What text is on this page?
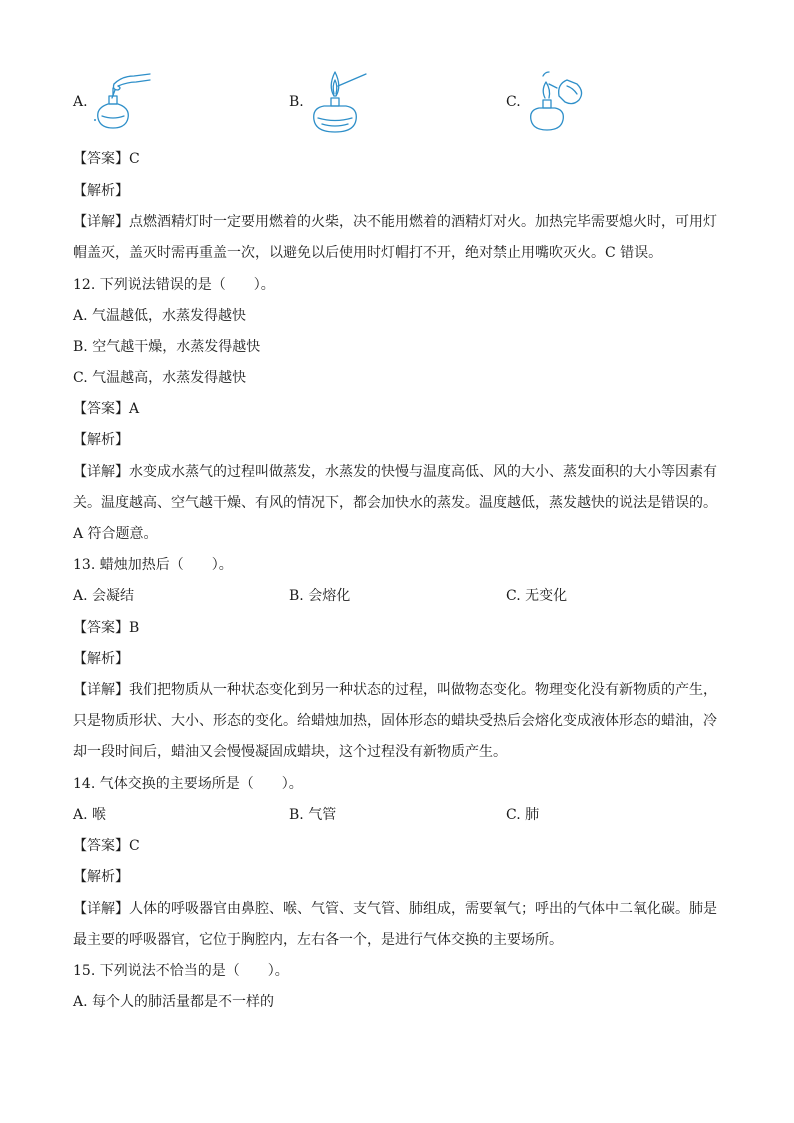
A.	B.	C.
【答案】C
【解析】
【详解】点燃酒精灯时一定要用燃着的火柴，决不能用燃着的酒精灯对火。加热完毕需要熄火时，可用灯
帽盖灭，盖灭时需再重盖一次，以避免以后使用时灯帽打不开，绝对禁止用嘴吹灭火。C 错误。
12. 下列说法错误的是（　　）。
A. 气温越低，水蒸发得越快
B. 空气越干燥，水蒸发得越快
C. 气温越高，水蒸发得越快
【答案】A
【解析】
【详解】水变成水蒸气的过程叫做蒸发，水蒸发的快慢与温度高低、风的大小、蒸发面积的大小等因素有
关。温度越高、空气越干燥、有风的情况下，都会加快水的蒸发。温度越低，蒸发越快的说法是错误的。
A 符合题意。
13. 蜡烛加热后（　　）。
A. 会凝结	B. 会熔化	C. 无变化
【答案】B
【解析】
【详解】我们把物质从一种状态变化到另一种状态的过程，叫做物态变化。物理变化没有新物质的产生，
只是物质形状、大小、形态的变化。给蜡烛加热，固体形态的蜡块受热后会熔化变成液体形态的蜡油，冷
却一段时间后，蜡油又会慢慢凝固成蜡块，这个过程没有新物质产生。
14. 气体交换的主要场所是（　　）。
A. 喉	B. 气管	C. 肺
【答案】C
【解析】
【详解】人体的呼吸器官由鼻腔、喉、气管、支气管、肺组成，需要氧气；呼出的气体中二氧化碳。肺是
最主要的呼吸器官，它位于胸腔内，左右各一个，是进行气体交换的主要场所。
15. 下列说法不恰当的是（　　）。
A. 每个人的肺活量都是不一样的
